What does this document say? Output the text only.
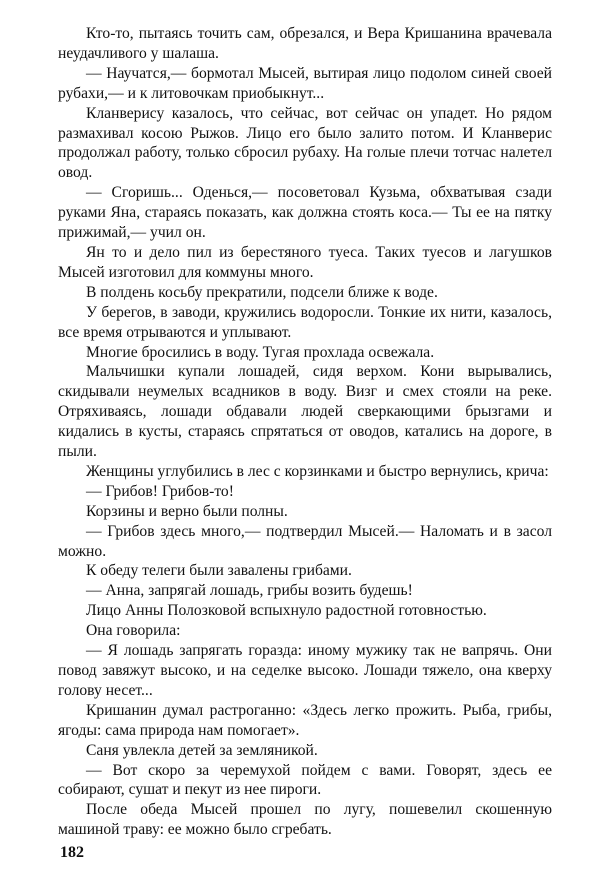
Кто-то, пытаясь точить сам, обрезался, и Вера Кришанина врачевала неудачливого у шалаша.

— Научатся,— бормотал Мысей, вытирая лицо подолом синей своей рубахи,— и к литовочкам приобыкнут...

Кланверису казалось, что сейчас, вот сейчас он упадет. Но рядом размахивал косою Рыжов. Лицо его было залито потом. И Кланверис продолжал работу, только сбросил рубаху. На голые плечи тотчас налетел овод.

— Сгоришь... Оденься,— посоветовал Кузьма, обхватывая сзади руками Яна, стараясь показать, как должна стоять коса.— Ты ее на пятку прижимай,— учил он.

Ян то и дело пил из берестяного туеса. Таких туесов и лагушков Мысей изготовил для коммуны много.

В полдень косьбу прекратили, подсели ближе к воде.

У берегов, в заводи, кружились водоросли. Тонкие их нити, казалось, все время отрываются и уплывают.

Многие бросились в воду. Тугая прохлада освежала.

Мальчишки купали лошадей, сидя верхом. Кони вырывались, скидывали неумелых всадников в воду. Визг и смех стояли на реке. Отряхиваясь, лошади обдавали людей сверкающими брызгами и кидались в кусты, стараясь спрятаться от оводов, катались на дороге, в пыли.

Женщины углубились в лес с корзинками и быстро вернулись, крича:

— Грибов! Грибов-то!

Корзины и верно были полны.

— Грибов здесь много,— подтвердил Мысей.— Наломать и в засол можно.

К обеду телеги были завалены грибами.

— Анна, запрягай лошадь, грибы возить будешь!

Лицо Анны Полозковой вспыхнуло радостной готовностью.

Она говорила:

— Я лошадь запрягать горазда: иному мужику так не вапрячь. Они повод завяжут высоко, и на седелке высоко. Лошади тяжело, она кверху голову несет...

Кришанин думал растроганно: «Здесь легко прожить. Рыба, грибы, ягоды: сама природа нам помогает».

Саня увлекла детей за земляникой.

— Вот скоро за черемухой пойдем с вами. Говорят, здесь ее собирают, сушат и пекут из нее пироги.

После обеда Мысей прошел по лугу, пошевелил скошенную машиной траву: ее можно было сгребать.

182
